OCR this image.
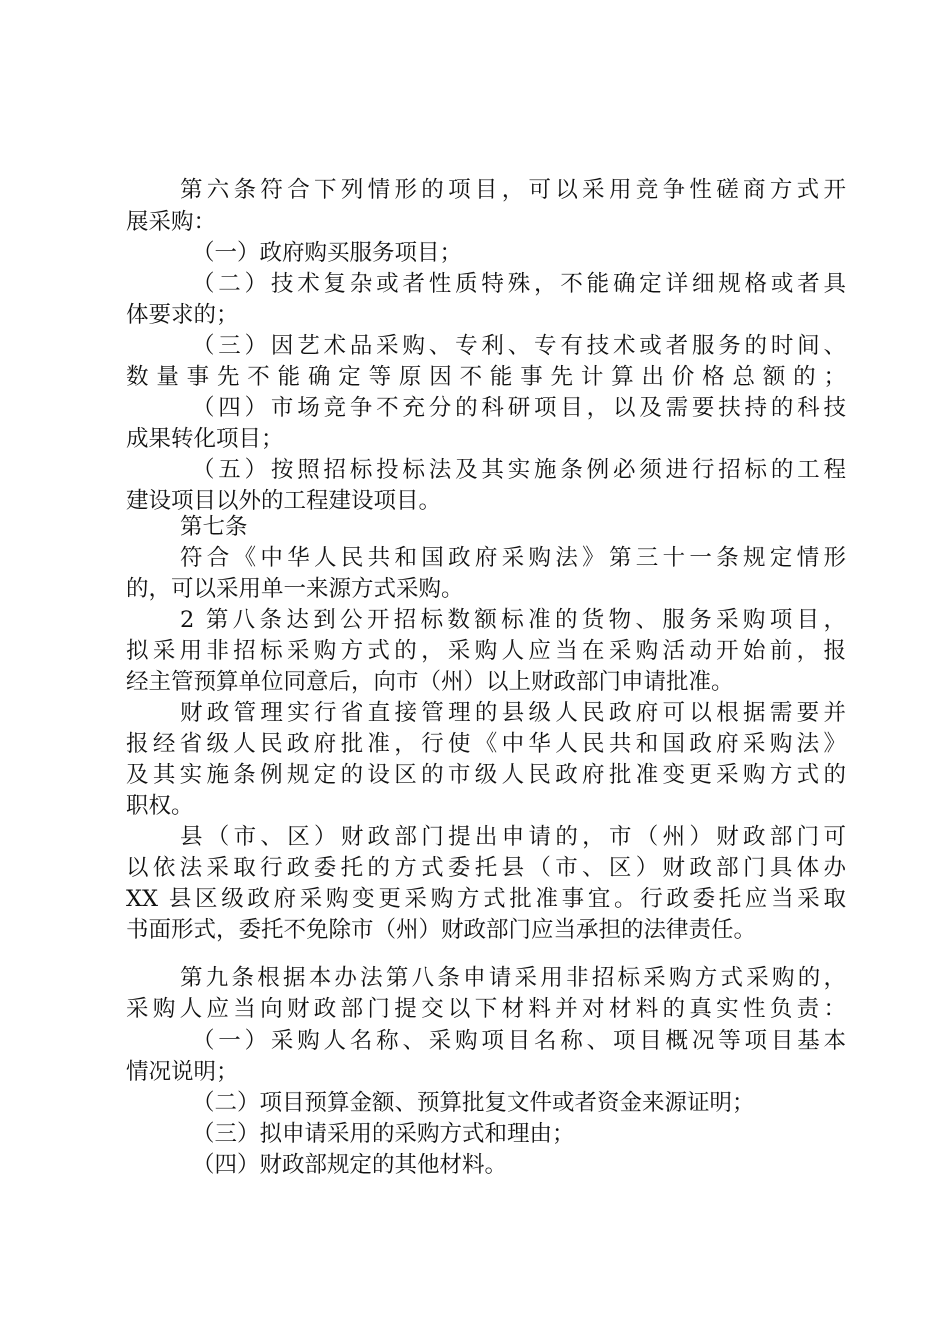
第六条符合下列情形的项目，可以采用竞争性磋商方式开

展采购：

（一）政府购买服务项目；

（二）技术复杂或者性质特殊，不能确定详细规格或者具

体要求的；

（三）因艺术品采购、专利、专有技术或者服务的时间、

数量事先不能确定等原因不能事先计算出价格总额的；

（四）市场竞争不充分的科研项目，以及需要扶持的科技

成果转化项目；

（五）按照招标投标法及其实施条例必须进行招标的工程

建设项目以外的工程建设项目。

第七条

符合《中华人民共和国政府采购法》第三十一条规定情形

的，可以采用单一来源方式采购。

2 第八条达到公开招标数额标准的货物、服务采购项目，

拟采用非招标采购方式的，采购人应当在采购活动开始前，报

经主管预算单位同意后，向市（州）以上财政部门申请批准。

财政管理实行省直接管理的县级人民政府可以根据需要并

报经省级人民政府批准，行使《中华人民共和国政府采购法》

及其实施条例规定的设区的市级人民政府批准变更采购方式的

职权。

县（市、区）财政部门提出申请的，市（州）财政部门可

以依法采取行政委托的方式委托县（市、区）财政部门具体办

XX 县区级政府采购变更采购方式批准事宜。行政委托应当采取

书面形式，委托不免除市（州）财政部门应当承担的法律责任。

第九条根据本办法第八条申请采用非招标采购方式采购的，

采购人应当向财政部门提交以下材料并对材料的真实性负责：

（一）采购人名称、采购项目名称、项目概况等项目基本

情况说明；

（二）项目预算金额、预算批复文件或者资金来源证明；

（三）拟申请采用的采购方式和理由；

（四）财政部规定的其他材料。
